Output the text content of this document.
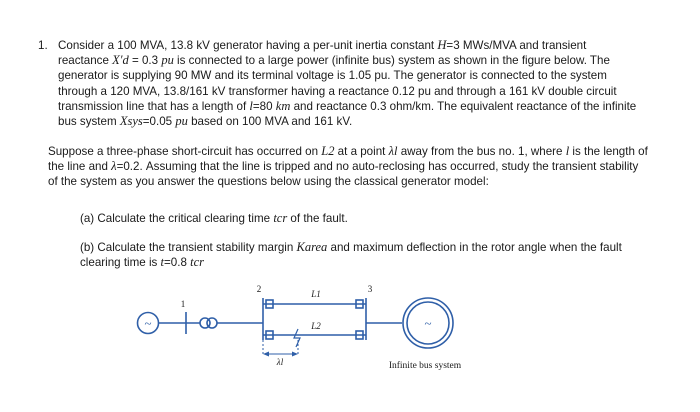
1. Consider a 100 MVA, 13.8 kV generator having a per-unit inertia constant H=3 MWs/MVA and transient reactance X′d = 0.3 pu is connected to a large power (infinite bus) system as shown in the figure below. The generator is supplying 90 MW and its terminal voltage is 1.05 pu. The generator is connected to the system through a 120 MVA, 13.8/161 kV transformer having a reactance 0.12 pu and through a 161 kV double circuit transmission line that has a length of l=80 km and reactance 0.3 ohm/km. The equivalent reactance of the infinite bus system Xsys=0.05 pu based on 100 MVA and 161 kV.

Suppose a three-phase short-circuit has occurred on L2 at a point λl away from the bus no. 1, where l is the length of the line and λ=0.2. Assuming that the line is tripped and no auto-reclosing has occurred, study the transient stability of the system as you answer the questions below using the classical generator model:

(a) Calculate the critical clearing time tcr of the fault.

(b) Calculate the transient stability margin Karea and maximum deflection in the rotor angle when the fault clearing time is t=0.8 tcr

~	~
1
2	3
L1
L2
λl	Infinite bus system
